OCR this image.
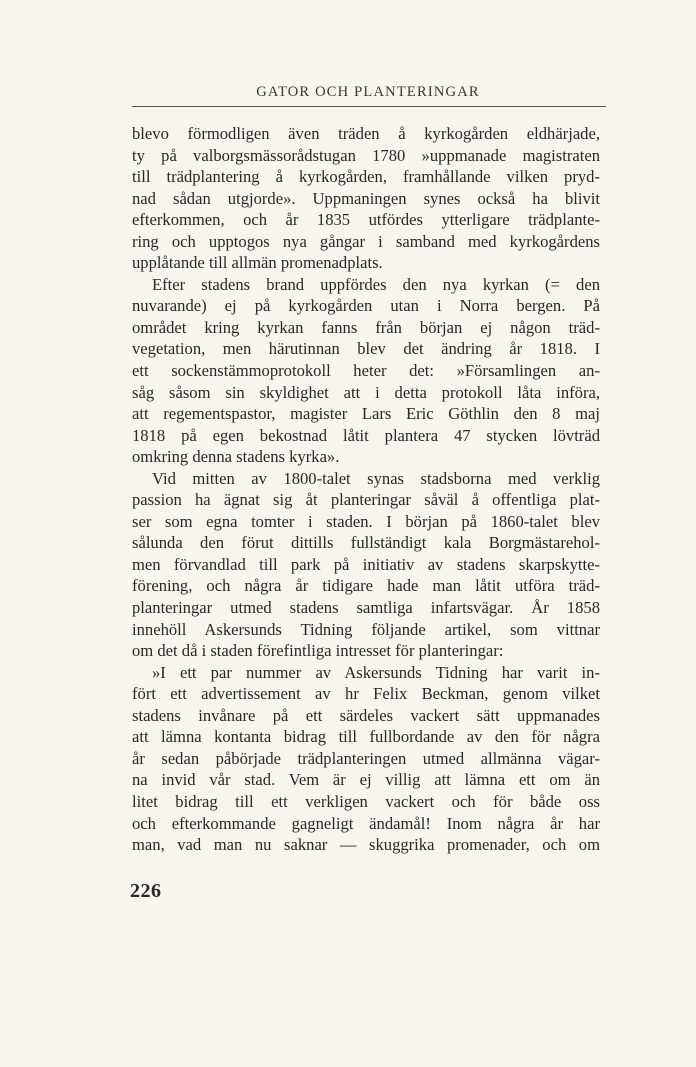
GATOR OCH PLANTERINGAR
blevo förmodligen även träden å kyrkogården eldhärjade,
ty på valborgsmässorådstugan 1780 »uppmanade magistraten
till trädplantering å kyrkogården, framhållande vilken pryd-
nad sådan utgjorde». Uppmaningen synes också ha blivit
efterkommen, och år 1835 utfördes ytterligare trädplante-
ring och upptogos nya gångar i samband med kyrkogårdens
upplåtande till allmän promenadplats.
Efter stadens brand uppfördes den nya kyrkan (= den
nuvarande) ej på kyrkogården utan i Norra bergen. På
området kring kyrkan fanns från början ej någon träd-
vegetation, men härutinnan blev det ändring år 1818. I
ett sockenstämmoprotokoll heter det: »Församlingen an-
såg såsom sin skyldighet att i detta protokoll låta införa,
att regementspastor, magister Lars Eric Göthlin den 8 maj
1818 på egen bekostnad låtit plantera 47 stycken lövträd
omkring denna stadens kyrka».
Vid mitten av 1800-talet synas stadsborna med verklig
passion ha ägnat sig åt planteringar såväl å offentliga plat-
ser som egna tomter i staden. I början på 1860-talet blev
sålunda den förut dittills fullständigt kala Borgmästarehol-
men förvandlad till park på initiativ av stadens skarpskytte-
förening, och några år tidigare hade man låtit utföra träd-
planteringar utmed stadens samtliga infartsvägar. År 1858
innehöll Askersunds Tidning följande artikel, som vittnar
om det då i staden förefintliga intresset för planteringar:
»I ett par nummer av Askersunds Tidning har varit in-
fört ett advertissement av hr Felix Beckman, genom vilket
stadens invånare på ett särdeles vackert sätt uppmanades
att lämna kontanta bidrag till fullbordande av den för några
år sedan påbörjade trädplanteringen utmed allmänna vägar-
na invid vår stad. Vem är ej villig att lämna ett om än
litet bidrag till ett verkligen vackert och för både oss
och efterkommande gagneligt ändamål! Inom några år har
man, vad man nu saknar — skuggrika promenader, och om
226
